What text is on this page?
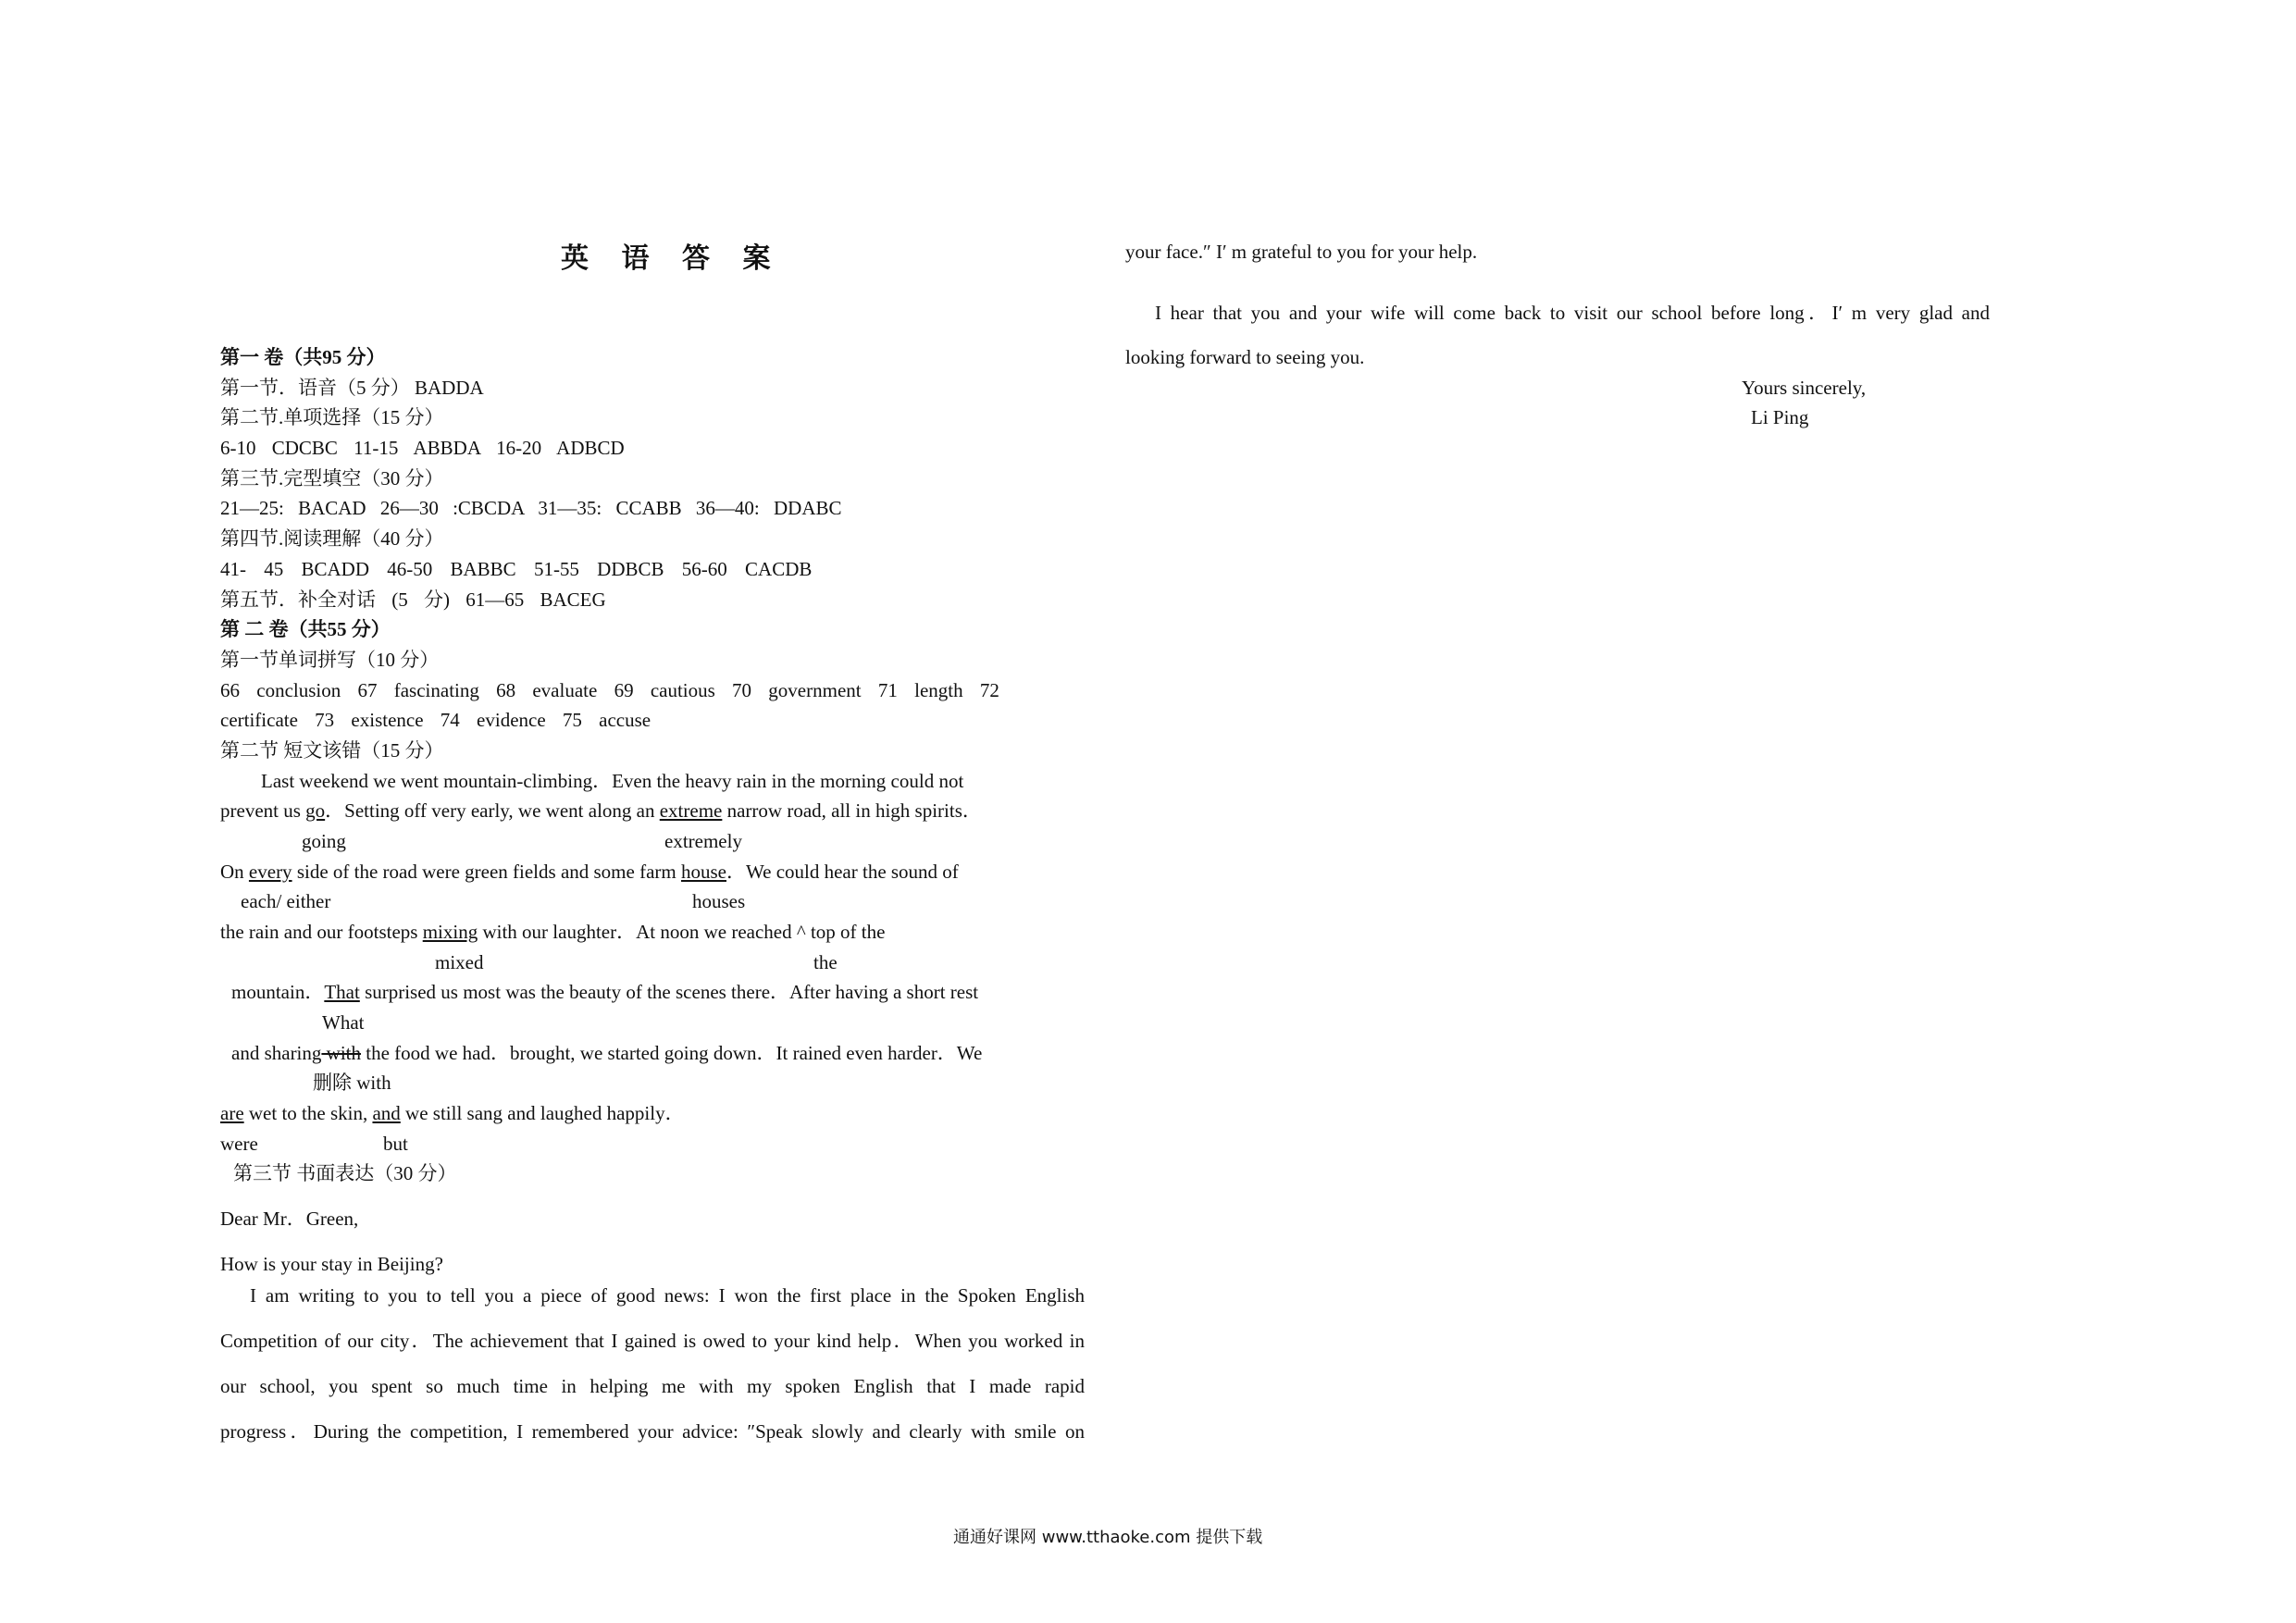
英 语 答 案
第一 卷（共95 分）
第一节．语音（5 分） BADDA
第二节.单项选择（15 分）
6-10 CDCBC 11-15 ABBDA 16-20 ADBCD
第三节.完型填空（30 分）
21—25: BACAD 26—30 :CBCDA 31—35: CCABB 36—40: DDABC
第四节.阅读理解（40 分）
41- 45 BCADD 46-50 BABBC 51-55 DDBCB 56-60 CACDB
第五节．补全对话 (5 分) 61—65 BACEG
第 二 卷（共55 分）
第一节单词拼写（10 分）
66 conclusion 67 fascinating 68 evaluate 69 cautious 70 government 71 length 72
certificate 73 existence 74 evidence 75 accuse
第二节 短文该错（15 分）
Last weekend we went mountain-climbing．Even the heavy rain in the morning could not
prevent us go．Setting off very early, we went along an extreme narrow road, all in high spirits．
going	extremely
On every side of the road were green fields and some farm house．We could hear the sound of
each/ either	houses
the rain and our footsteps mixing with our laughter．At noon we reached ^ top of the
mixed	the
mountain．That surprised us most was the beauty of the scenes there．After having a short rest
What
and sharing with the food we had．brought, we started going down．It rained even harder．We
删除 with
are wet to the skin, and we still sang and laughed happily．
were	but
第三节 书面表达（30 分）
Dear Mr．Green,
How is your stay in Beijing?
I am writing to you to tell you a piece of good news: I won the first place in the Spoken English
Competition of our city．The achievement that I gained is owed to your kind help．When you worked in
our school, you spent so much time in helping me with my spoken English that I made rapid
progress．During the competition, I remembered your advice: ″Speak slowly and clearly with smile on
your face.″ I′ m grateful to you for your help.
I hear that you and your wife will come back to visit our school before long．I′ m very glad and
looking forward to seeing you.
Yours sincerely,
Li Ping
通通好课网 www.tthaoke.com 提供下载
